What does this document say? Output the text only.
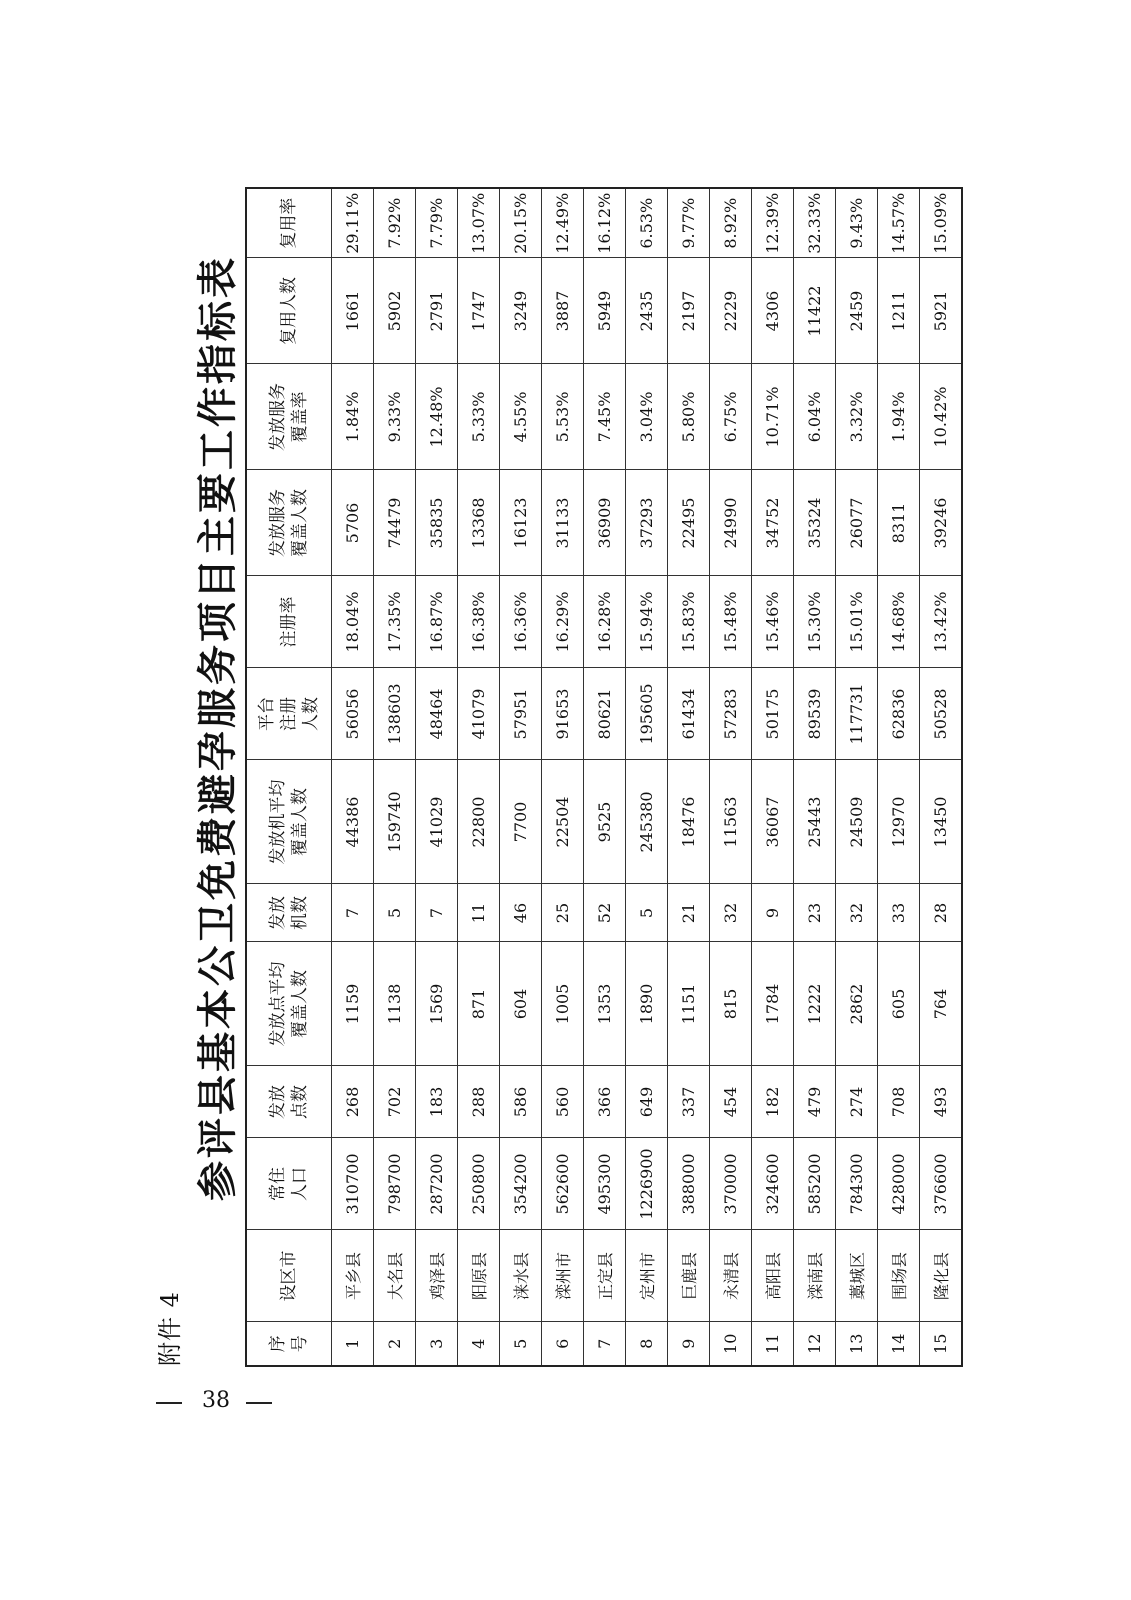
附件 4
参评县基本公卫免费避孕服务项目主要工作指标表
序 号	设区市	常住 人口	发放 点数	发放点平均 覆盖人数	发放 机数	发放机平均 覆盖人数	平台 注册 人数	注册率	发放服务 覆盖人数	发放服务 覆盖率	复用人数	复用率
1	平乡县	310700	268	1159	7	44386	56056	18.04%	5706	1.84%	1661	29.11%
2	大名县	798700	702	1138	5	159740	138603	17.35%	74479	9.33%	5902	7.92%
3	鸡泽县	287200	183	1569	7	41029	48464	16.87%	35835	12.48%	2791	7.79%
4	阳原县	250800	288	871	11	22800	41079	16.38%	13368	5.33%	1747	13.07%
5	涞水县	354200	586	604	46	7700	57951	16.36%	16123	4.55%	3249	20.15%
6	滦州市	562600	560	1005	25	22504	91653	16.29%	31133	5.53%	3887	12.49%
7	正定县	495300	366	1353	52	9525	80621	16.28%	36909	7.45%	5949	16.12%
8	定州市	1226900	649	1890	5	245380	195605	15.94%	37293	3.04%	2435	6.53%
9	巨鹿县	388000	337	1151	21	18476	61434	15.83%	22495	5.80%	2197	9.77%
10	永清县	370000	454	815	32	11563	57283	15.48%	24990	6.75%	2229	8.92%
11	高阳县	324600	182	1784	9	36067	50175	15.46%	34752	10.71%	4306	12.39%
12	滦南县	585200	479	1222	23	25443	89539	15.30%	35324	6.04%	11422	32.33%
13	藁城区	784300	274	2862	32	24509	117731	15.01%	26077	3.32%	2459	9.43%
14	围场县	428000	708	605	33	12970	62836	14.68%	8311	1.94%	1211	14.57%
15	隆化县	376600	493	764	28	13450	50528	13.42%	39246	10.42%	5921	15.09%
38
